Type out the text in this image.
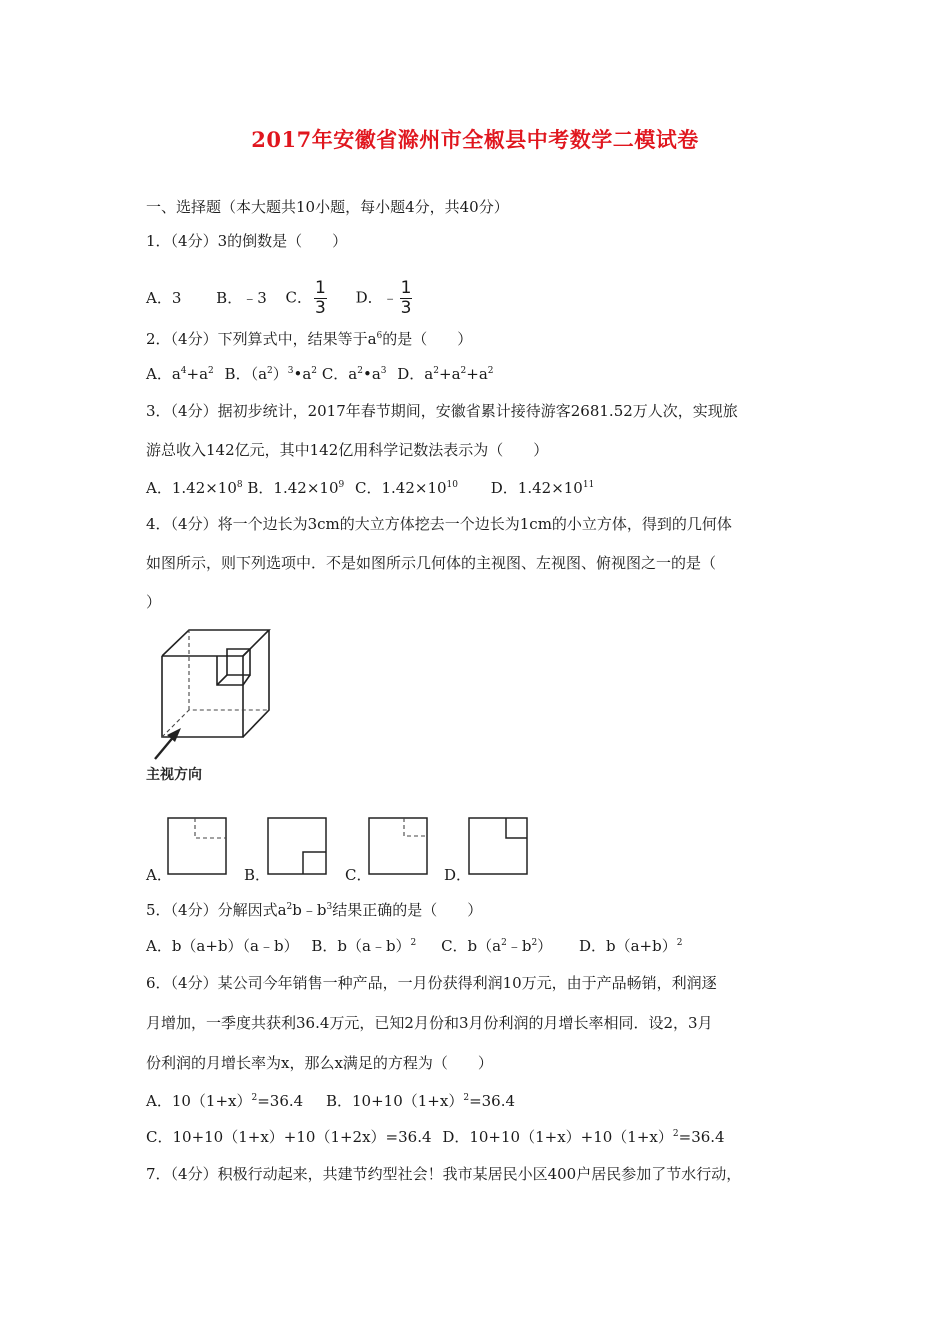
2017年安徽省滁州市全椒县中考数学二模试卷
一、选择题（本大题共10小题，每小题4分，共40分）
1．（4分）3的倒数是（　　）
A．3 B．﹣3 C． $\frac{1}{3}$ D．﹣ $\frac{1}{3}$
2．（4分）下列算式中，结果等于$a^6$的是（　　）
A．$a^4+a^2$ B．$(a^2)^3•a^2$ C．$a^2•a^3$ D．$a^2+a^2+a^2$
3．（4分）据初步统计，2017年春节期间，安徽省累计接待游客2681.52万人次，实现旅
游总收入142亿元，其中142亿用科学记数法表示为（　　）
A．$1.42\times 10^8$ B．$1.42\times 10^9$ C．$1.42\times 10^{10}$ D．$1.42\times 10^{11}$
4．（4分）将一个边长为3cm的大立方体挖去一个边长为1cm的小立方体，得到的几何体
如图所示，则下列选项中．不是如图所示几何体的主视图、左视图、俯视图之一的是（
）
主视方向
A．	B．	C．	D．
5．（4分）分解因式$a^2b﹣b^3$结果正确的是（　　）
A．b（a+b）（a﹣b） B．b（a﹣b）$^2$ C．$b(a^2﹣b^2)$ D．$b(a+b)^2$
6．（4分）某公司今年销售一种产品，一月份获得利润10万元，由于产品畅销，利润逐
月增加，一季度共获利36.4万元，已知2月份和3月份利润的月增长率相同．设2，3月
份利润的月增长率为x，那么x满足的方程为（　　）
A．$10(1+x)^2=36.4$ B．$10+10(1+x)^2=36.4$
C．10+10（1+x）+10（1+2x）=36.4 D．$10+10(1+x)+10(1+x)^2=36.4$
7．（4分）积极行动起来，共建节约型社会！我市某居民小区400户居民参加了节水行动，
